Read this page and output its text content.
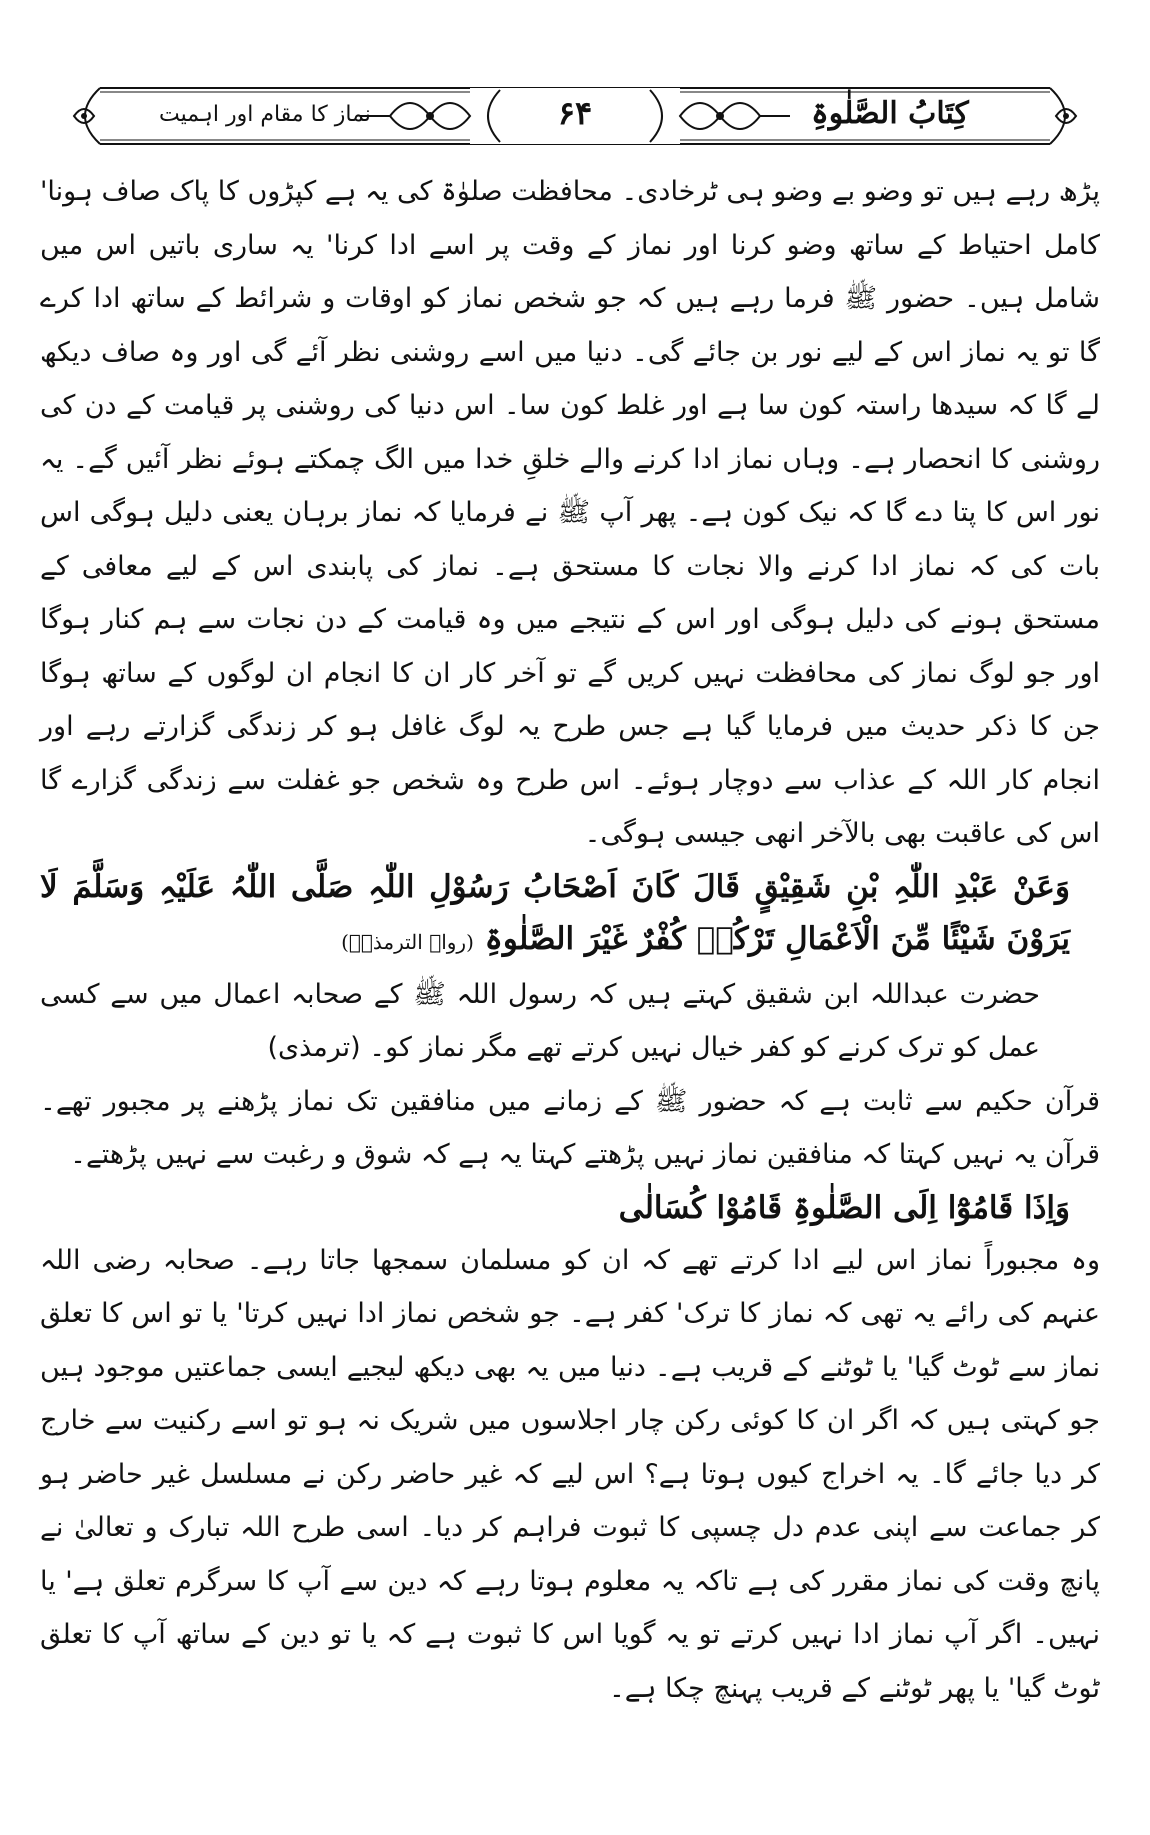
کِتَابُ الصَّلٰوۃِ
۶۴
نماز کا مقام اور اہمیت

پڑھ رہے ہیں تو وضو بے وضو ہی ٹرخادی۔ محافظت صلوٰۃ کی یہ ہے کپڑوں کا پاک صاف ہونا' کامل احتیاط کے ساتھ وضو کرنا اور نماز کے وقت پر اسے ادا کرنا' یہ ساری باتیں اس میں شامل ہیں۔ حضور ﷺ فرما رہے ہیں کہ جو شخص نماز کو اوقات و شرائط کے ساتھ ادا کرے گا تو یہ نماز اس کے لیے نور بن جائے گی۔ دنیا میں اسے روشنی نظر آئے گی اور وہ صاف دیکھ لے گا کہ سیدھا راستہ کون سا ہے اور غلط کون سا۔ اس دنیا کی روشنی پر قیامت کے دن کی روشنی کا انحصار ہے۔ وہاں نماز ادا کرنے والے خلقِ خدا میں الگ چمکتے ہوئے نظر آئیں گے۔ یہ نور اس کا پتا دے گا کہ نیک کون ہے۔ پھر آپ ﷺ نے فرمایا کہ نماز برہان یعنی دلیل ہوگی اس بات کی کہ نماز ادا کرنے والا نجات کا مستحق ہے۔ نماز کی پابندی اس کے لیے معافی کے مستحق ہونے کی دلیل ہوگی اور اس کے نتیجے میں وہ قیامت کے دن نجات سے ہم کنار ہوگا اور جو لوگ نماز کی محافظت نہیں کریں گے تو آخر کار ان کا انجام ان لوگوں کے ساتھ ہوگا جن کا ذکر حدیث میں فرمایا گیا ہے جس طرح یہ لوگ غافل ہو کر زندگی گزارتے رہے اور انجام کار اللہ کے عذاب سے دوچار ہوئے۔ اس طرح وہ شخص جو غفلت سے زندگی گزارے گا اس کی عاقبت بھی بالآخر انھی جیسی ہوگی۔

وَعَنْ عَبْدِ اللّٰہِ بْنِ شَقِیْقٍ قَالَ کَانَ اَصْحَابُ رَسُوْلِ اللّٰہِ صَلَّی اللّٰہُ عَلَیْہِ وَسَلَّمَ لَا یَرَوْنَ شَیْئًا مِّنَ الْاَعْمَالِ تَرْکُہٗ کُفْرٌ غَیْرَ الصَّلٰوۃِ (رواہ الترمذیؒ)

حضرت عبداللہ ابن شقیق کہتے ہیں کہ رسول اللہ ﷺ کے صحابہ اعمال میں سے کسی عمل کو ترک کرنے کو کفر خیال نہیں کرتے تھے مگر نماز کو۔ (ترمذی)

قرآن حکیم سے ثابت ہے کہ حضور ﷺ کے زمانے میں منافقین تک نماز پڑھنے پر مجبور تھے۔ قرآن یہ نہیں کہتا کہ منافقین نماز نہیں پڑھتے کہتا یہ ہے کہ شوق و رغبت سے نہیں پڑھتے۔

وَاِذَا قَامُوْٓا اِلَی الصَّلٰوۃِ قَامُوْا کُسَالٰی

وہ مجبوراً نماز اس لیے ادا کرتے تھے کہ ان کو مسلمان سمجھا جاتا رہے۔ صحابہ رضی اللہ عنہم کی رائے یہ تھی کہ نماز کا ترک' کفر ہے۔ جو شخص نماز ادا نہیں کرتا' یا تو اس کا تعلق نماز سے ٹوٹ گیا' یا ٹوٹنے کے قریب ہے۔ دنیا میں یہ بھی دیکھ لیجیے ایسی جماعتیں موجود ہیں جو کہتی ہیں کہ اگر ان کا کوئی رکن چار اجلاسوں میں شریک نہ ہو تو اسے رکنیت سے خارج کر دیا جائے گا۔ یہ اخراج کیوں ہوتا ہے؟ اس لیے کہ غیر حاضر رکن نے مسلسل غیر حاضر ہو کر جماعت سے اپنی عدم دل چسپی کا ثبوت فراہم کر دیا۔ اسی طرح اللہ تبارک و تعالیٰ نے پانچ وقت کی نماز مقرر کی ہے تاکہ یہ معلوم ہوتا رہے کہ دین سے آپ کا سرگرم تعلق ہے' یا نہیں۔ اگر آپ نماز ادا نہیں کرتے تو یہ گویا اس کا ثبوت ہے کہ یا تو دین کے ساتھ آپ کا تعلق ٹوٹ گیا' یا پھر ٹوٹنے کے قریب پہنچ چکا ہے۔
